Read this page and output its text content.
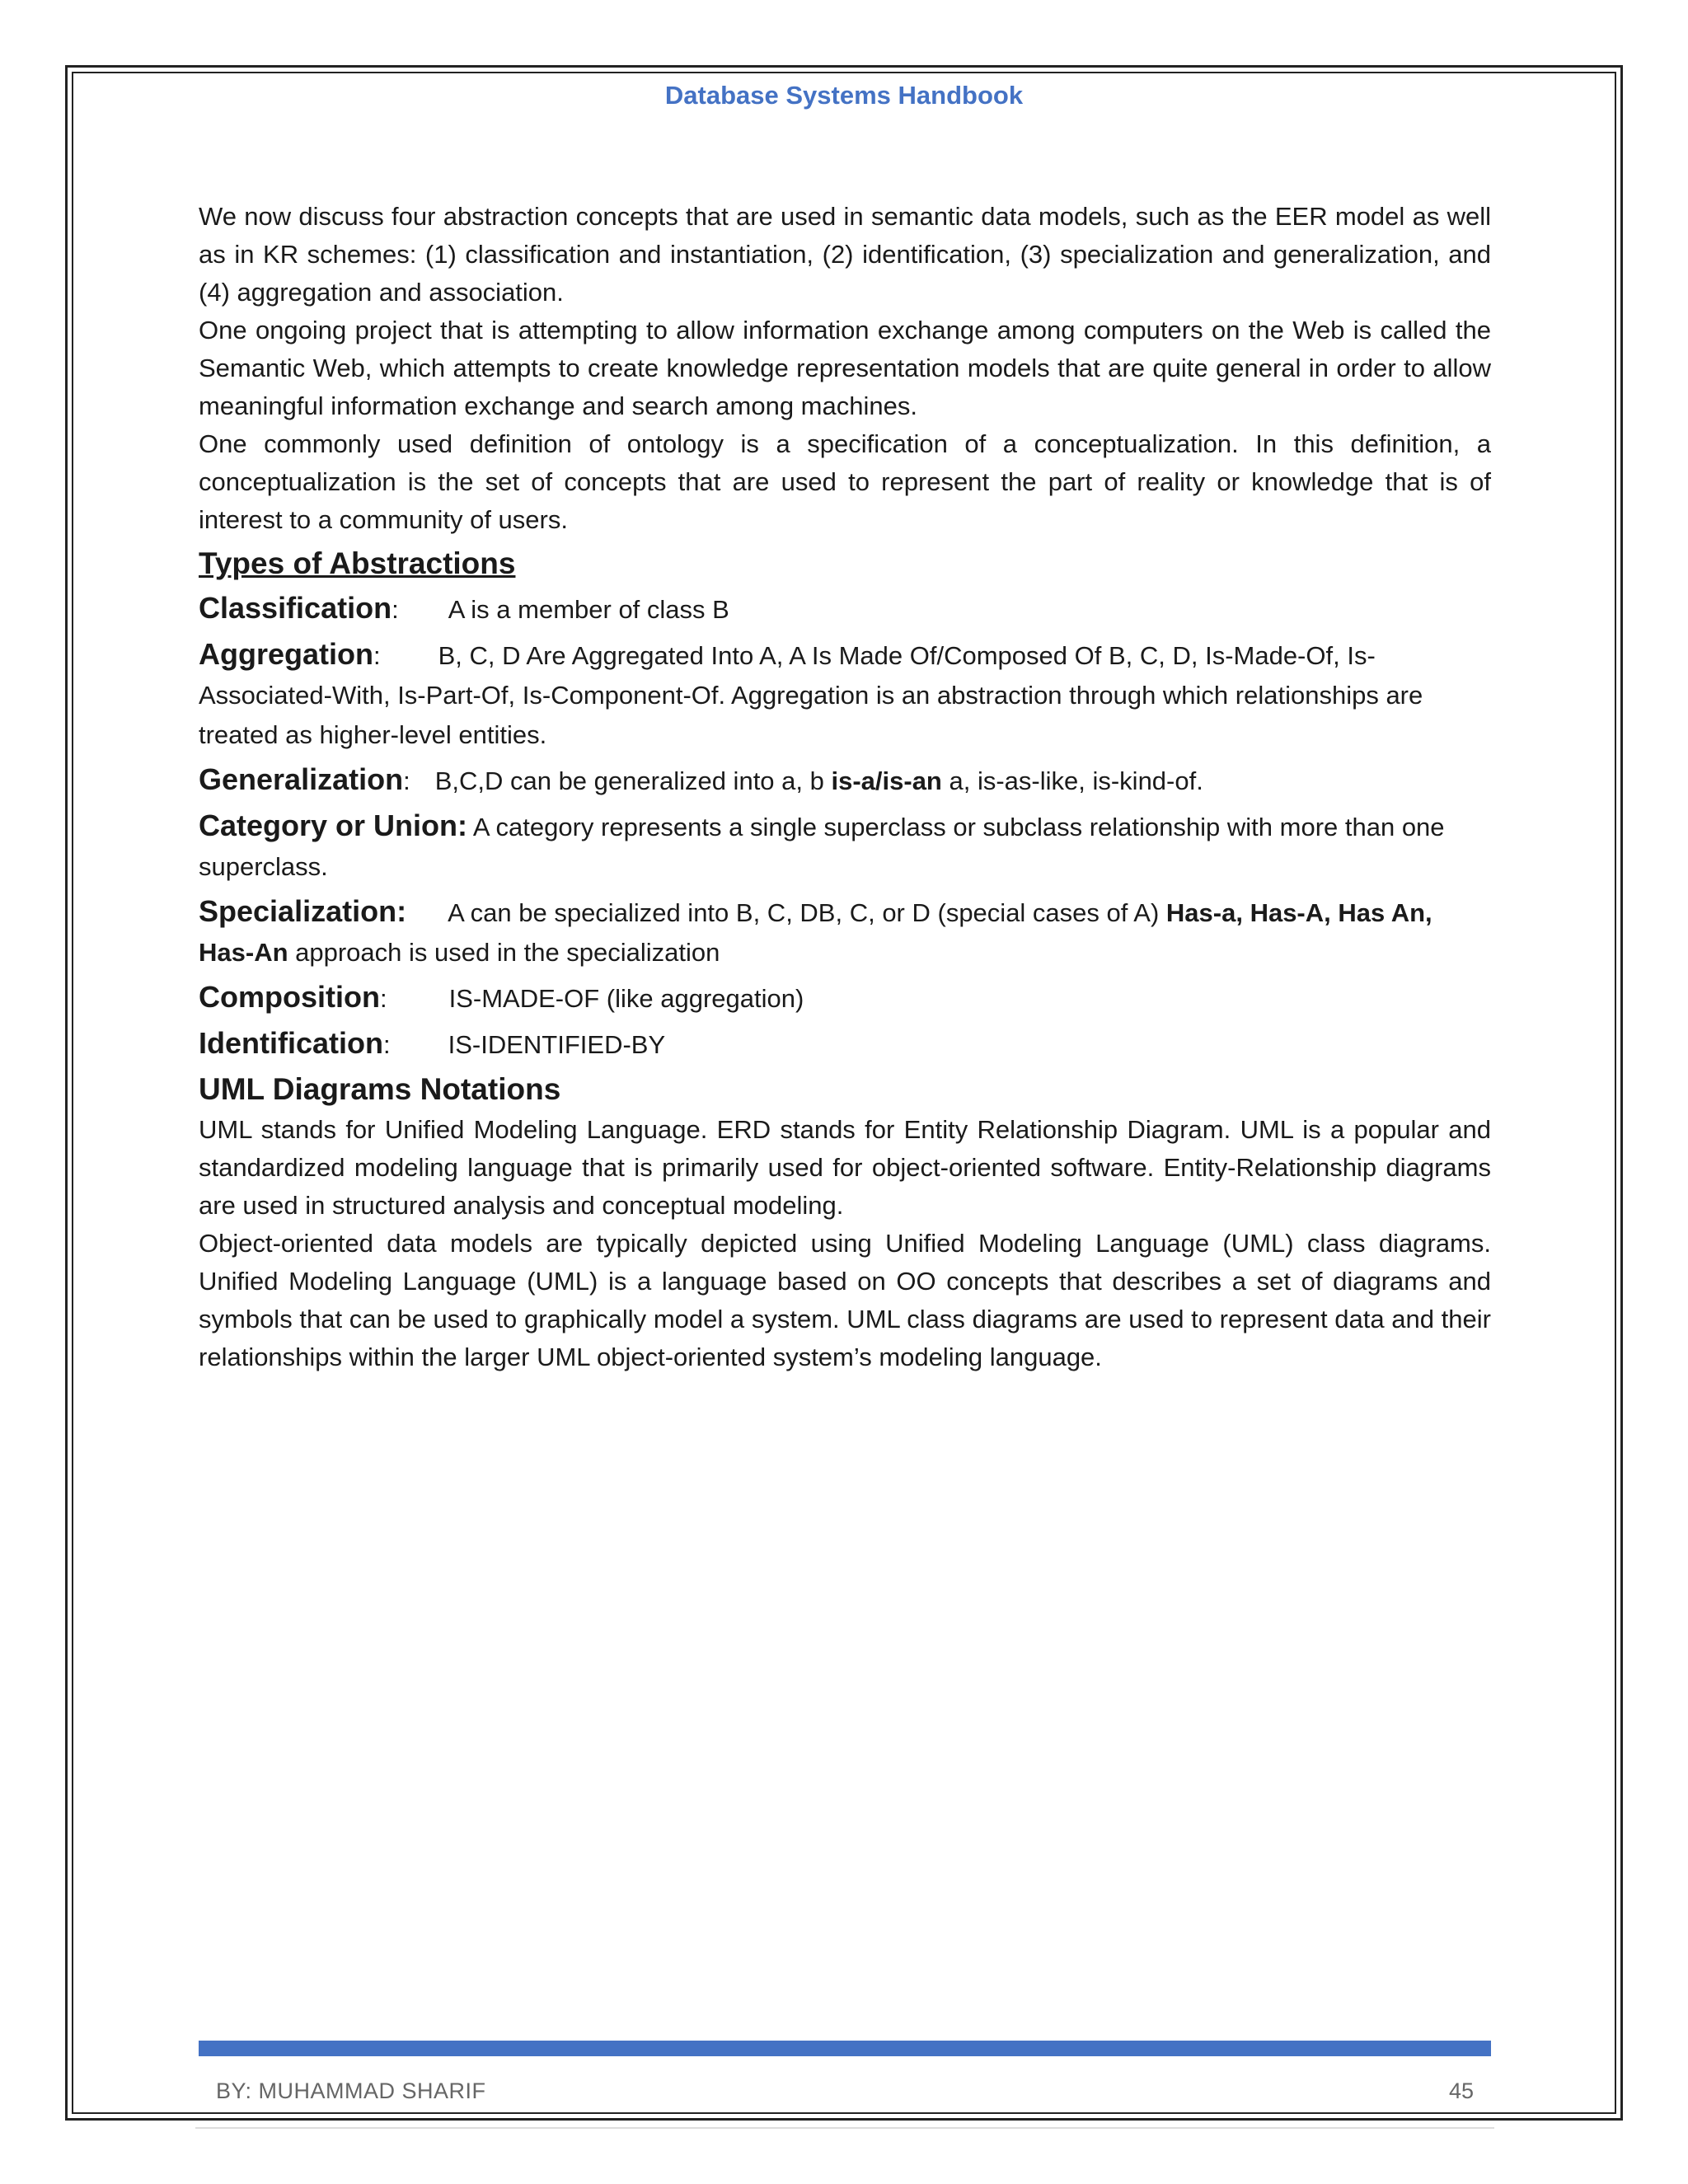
Database Systems Handbook

We now discuss four abstraction concepts that are used in semantic data models, such as the EER model as well as in KR schemes: (1) classification and instantiation, (2) identification, (3) specialization and generalization, and (4) aggregation and association.

One ongoing project that is attempting to allow information exchange among computers on the Web is called the Semantic Web, which attempts to create knowledge representation models that are quite general in order to allow meaningful information exchange and search among machines.

One commonly used definition of ontology is a specification of a conceptualization. In this definition, a conceptualization is the set of concepts that are used to represent the part of reality or knowledge that is of interest to a community of users.

Types of Abstractions

Classification: A is a member of class B

Aggregation: B, C, D Are Aggregated Into A, A Is Made Of/Composed Of B, C, D, Is-Made-Of, Is-Associated-With, Is-Part-Of, Is-Component-Of. Aggregation is an abstraction through which relationships are treated as higher-level entities.

Generalization: B,C,D can be generalized into a, b is-a/is-an a, is-as-like, is-kind-of.

Category or Union: A category represents a single superclass or subclass relationship with more than one superclass.

Specialization: A can be specialized into B, C, DB, C, or D (special cases of A) Has-a, Has-A, Has An, Has-An approach is used in the specialization

Composition: IS-MADE-OF (like aggregation)

Identification: IS-IDENTIFIED-BY

UML Diagrams Notations

UML stands for Unified Modeling Language. ERD stands for Entity Relationship Diagram. UML is a popular and standardized modeling language that is primarily used for object-oriented software. Entity-Relationship diagrams are used in structured analysis and conceptual modeling.

Object-oriented data models are typically depicted using Unified Modeling Language (UML) class diagrams. Unified Modeling Language (UML) is a language based on OO concepts that describes a set of diagrams and symbols that can be used to graphically model a system. UML class diagrams are used to represent data and their relationships within the larger UML object-oriented system’s modeling language.

BY: MUHAMMAD SHARIF	45
